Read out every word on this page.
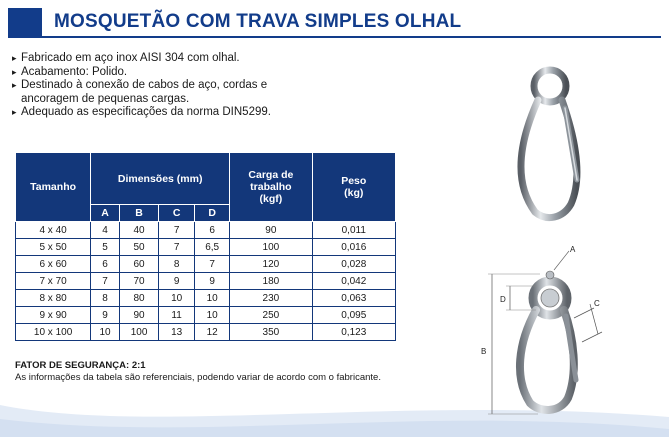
MOSQUETÃO COM TRAVA SIMPLES OLHAL
▸ Fabricado em aço inox AISI 304 com olhal.
▸ Acabamento: Polido.
▸ Destinado à conexão de cabos de aço, cordas e ancoragem de pequenas cargas.
▸ Adequado as especificações da norma DIN5299.
Tamanho	Dimensões (mm)				Carga de trabalho (kgf)	Peso (kg)
	A	B	C	D		
4 x 40	4	40	7	6	90	0,011
5 x 50	5	50	7	6,5	100	0,016
6 x 60	6	60	8	7	120	0,028
7 x 70	7	70	9	9	180	0,042
8 x 80	8	80	10	10	230	0,063
9 x 90	9	90	11	10	250	0,095
10 x 100	10	100	13	12	350	0,123
FATOR DE SEGURANÇA: 2:1
As informações da tabela são referenciais, podendo variar de acordo com o fabricante.
A
B
D	C
